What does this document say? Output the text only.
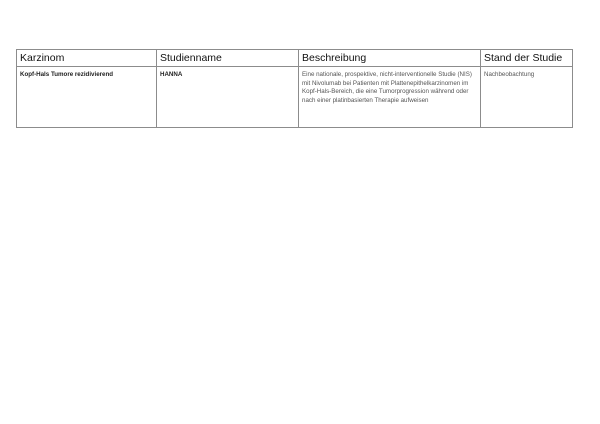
Karzinom	Studienname	Beschreibung	Stand der Studie
Kopf-Hals Tumore rezidivierend	HANNA	Eine nationale, prospektive, nicht-interventionelle Studie (NIS) mit Nivolumab bei Patienten mit Plattenepithelkarzinomen im Kopf-Hals-Bereich, die eine Tumorprogression während oder nach einer platinbasierten Therapie aufweisen	Nachbeobachtung
